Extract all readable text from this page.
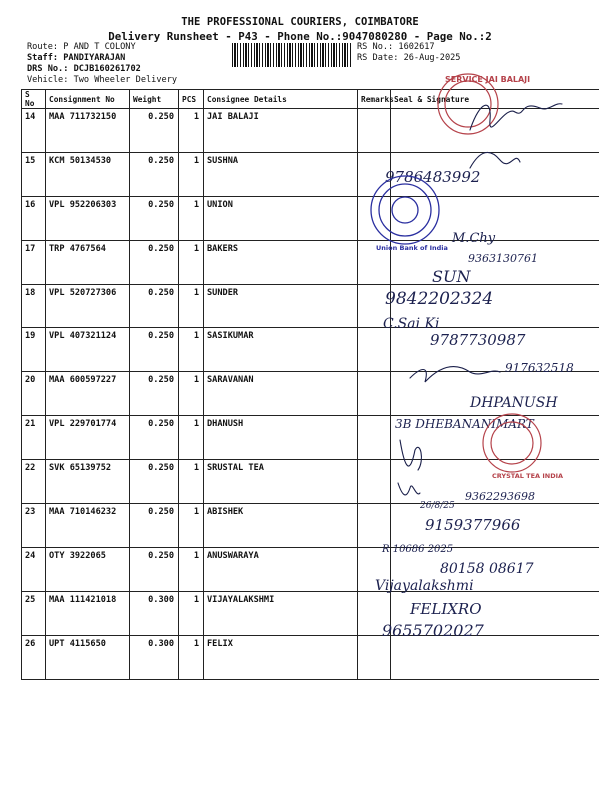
THE PROFESSIONAL COURIERS, COIMBATORE
Delivery Runsheet - P43 - Phone No.:9047080280 - Page No.:2
Route: P AND T COLONY
Staff: PANDIYARAJAN
DRS No.: DCJB160261702
Vehicle: Two Wheeler Delivery
RS No.: 1602617
RS Date: 26-Aug-2025
S No	Consignment No	Weight	PCS	Consignee Details	Remarks	Seal & Signature
14	MAA 711732150	0.250	1	JAI BALAJI		
15	KCM 50134530	0.250	1	SUSHNA		
16	VPL 952206303	0.250	1	UNION		
17	TRP 4767564	0.250	1	BAKERS		
18	VPL 520727306	0.250	1	SUNDER		
19	VPL 407321124	0.250	1	SASIKUMAR		
20	MAA 600597227	0.250	1	SARAVANAN		
21	VPL 229701774	0.250	1	DHANUSH		
22	SVK 65139752	0.250	1	SRUSTAL TEA		
23	MAA 710146232	0.250	1	ABISHEK		
24	OTY 3922065	0.250	1	ANUSWARAYA		
25	MAA 111421018	0.300	1	VIJAYALAKSHMI		
26	UPT 4115650	0.300	1	FELIX		
SERVICE JAI BALAJI
9786483992
Union Bank of India
M.Chy
9363130761
SUN
9842202324
C.Sai Ki
9787730987
917632518
DHPANUSH
3B DHEBANANIMART
CRYSTAL TEA INDIA
26/8/25
9362293698
9159377966
R 10686 2025
80158 08617
Vijayalakshmi
FELIXRO
9655702027
